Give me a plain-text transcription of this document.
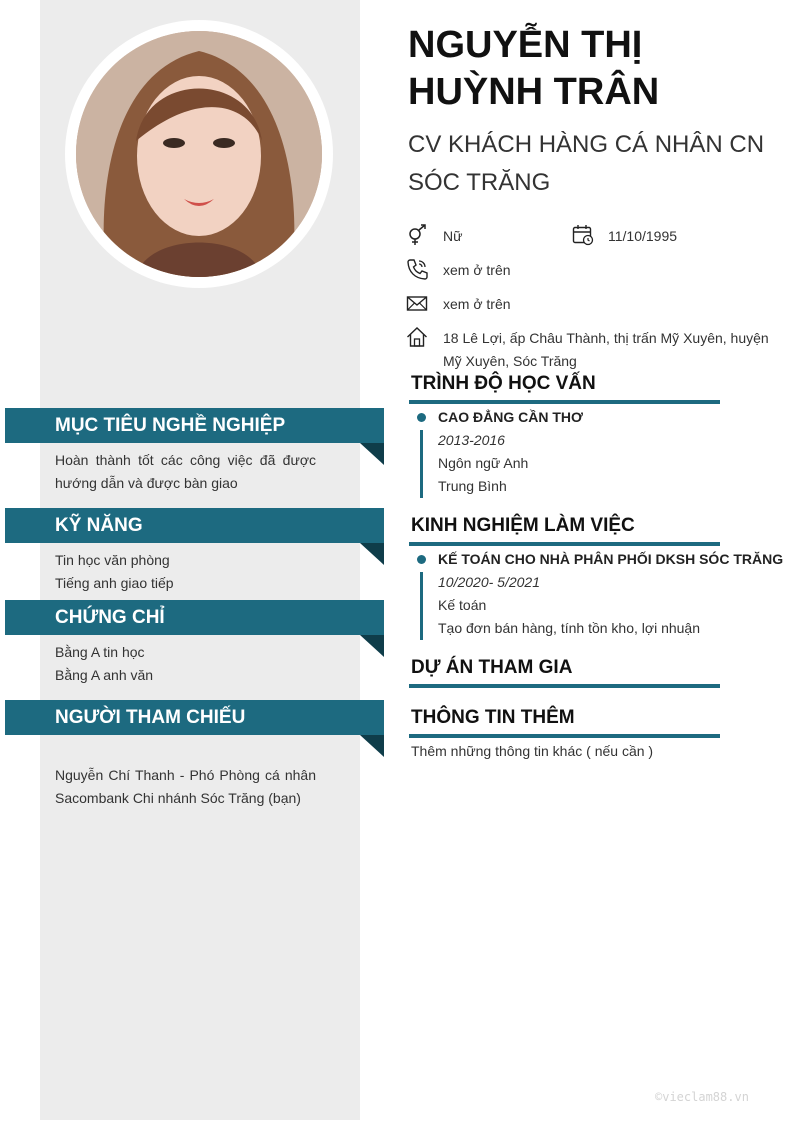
MỤC TIÊU NGHỀ NGHIỆP
Hoàn thành tốt các công việc đã được
hướng dẫn và được bàn giao
KỸ NĂNG
Tin học văn phòng
Tiếng anh giao tiếp
CHỨNG CHỈ
Bằng A tin học
Bằng A anh văn
NGƯỜI THAM CHIẾU
Nguyễn Chí Thanh - Phó Phòng cá nhân
Sacombank Chi nhánh Sóc Trăng (bạn)
NGUYỄN THỊ
HUỲNH TRÂN
CV KHÁCH HÀNG CÁ NHÂN CN
SÓC TRĂNG
Nữ	11/10/1995
xem ở trên
xem ở trên
18 Lê Lợi, ấp Châu Thành, thị trấn Mỹ Xuyên, huyện
Mỹ Xuyên, Sóc Trăng
TRÌNH ĐỘ HỌC VẤN
CAO ĐẲNG CẦN THƠ
2013-2016
Ngôn ngữ Anh
Trung Bình
KINH NGHIỆM LÀM VIỆC
KẾ TOÁN CHO NHÀ PHÂN PHỐI DKSH SÓC TRĂNG
10/2020- 5/2021
Kế toán
Tạo đơn bán hàng, tính tồn kho, lợi nhuận
DỰ ÁN THAM GIA
THÔNG TIN THÊM
Thêm những thông tin khác ( nếu cần )
©vieclam88.vn
